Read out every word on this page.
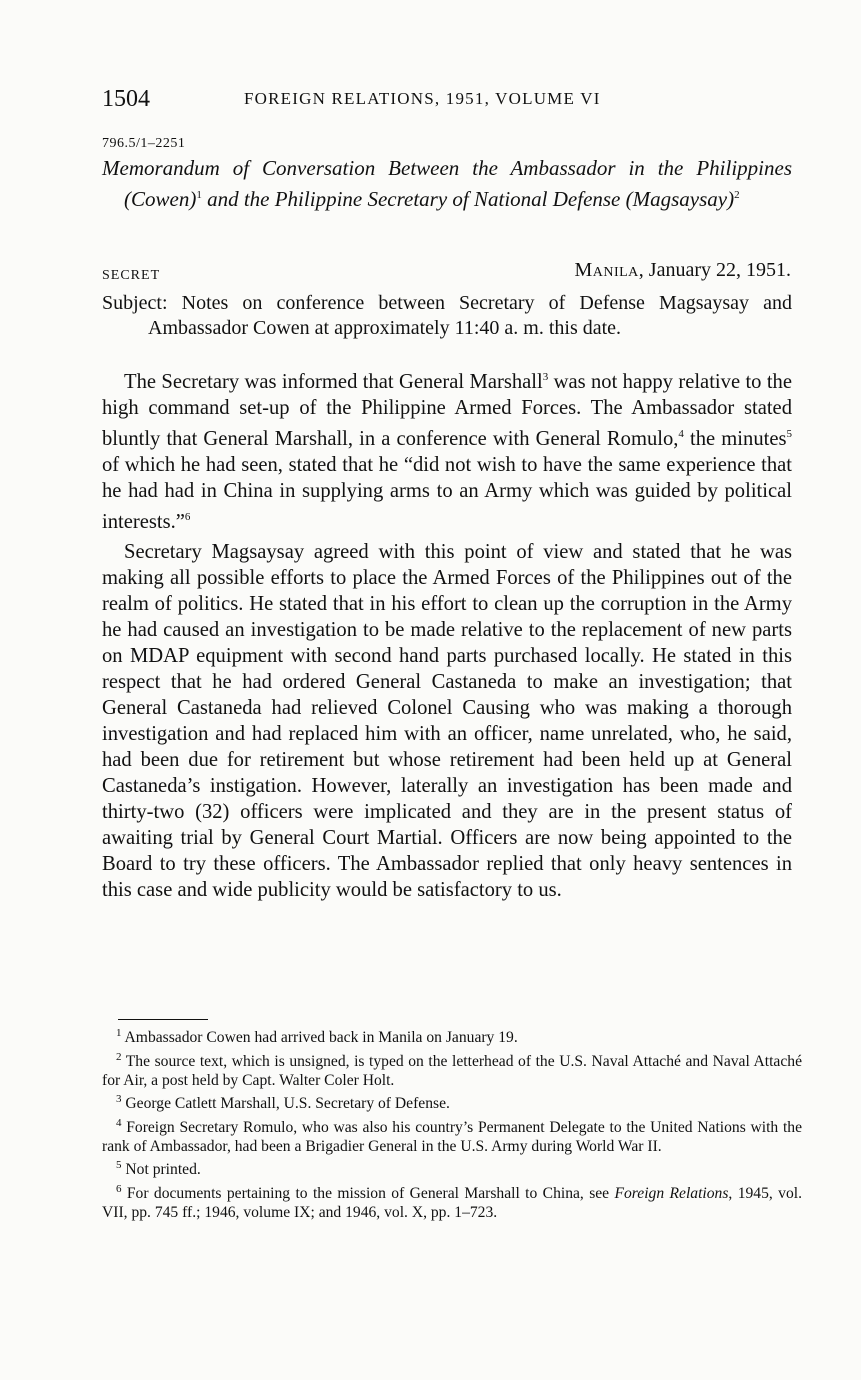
1504	FOREIGN RELATIONS, 1951, VOLUME VI
796.5/1–2251
Memorandum of Conversation Between the Ambassador in the Philippines (Cowen)$^1$ and the Philippine Secretary of National Defense (Magsaysay)$^2$
SECRET	Manila, January 22, 1951.
Subject: Notes on conference between Secretary of Defense Magsaysay and Ambassador Cowen at approximately 11:40 a. m. this date.

The Secretary was informed that General Marshall$^3$ was not happy relative to the high command set-up of the Philippine Armed Forces. The Ambassador stated bluntly that General Marshall, in a conference with General Romulo,$^4$ the minutes$^5$ of which he had seen, stated that he “did not wish to have the same experience that he had had in China in supplying arms to an Army which was guided by political interests.”$^6$

Secretary Magsaysay agreed with this point of view and stated that he was making all possible efforts to place the Armed Forces of the Philippines out of the realm of politics. He stated that in his effort to clean up the corruption in the Army he had caused an investigation to be made relative to the replacement of new parts on MDAP equipment with second hand parts purchased locally. He stated in this respect that he had ordered General Castaneda to make an investigation; that General Castaneda had relieved Colonel Causing who was making a thorough investigation and had replaced him with an officer, name unrelated, who, he said, had been due for retirement but whose retirement had been held up at General Castaneda’s instigation. However, laterally an investigation has been made and thirty-two (32) officers were implicated and they are in the present status of awaiting trial by General Court Martial. Officers are now being appointed to the Board to try these officers. The Ambassador replied that only heavy sentences in this case and wide publicity would be satisfactory to us.

$^1$ Ambassador Cowen had arrived back in Manila on January 19.

$^2$ The source text, which is unsigned, is typed on the letterhead of the U.S. Naval Attaché and Naval Attaché for Air, a post held by Capt. Walter Coler Holt.

$^3$ George Catlett Marshall, U.S. Secretary of Defense.

$^4$ Foreign Secretary Romulo, who was also his country’s Permanent Delegate to the United Nations with the rank of Ambassador, had been a Brigadier General in the U.S. Army during World War II.

$^5$ Not printed.

$^6$ For documents pertaining to the mission of General Marshall to China, see Foreign Relations, 1945, vol. VII, pp. 745 ff.; 1946, volume IX; and 1946, vol. X, pp. 1–723.
